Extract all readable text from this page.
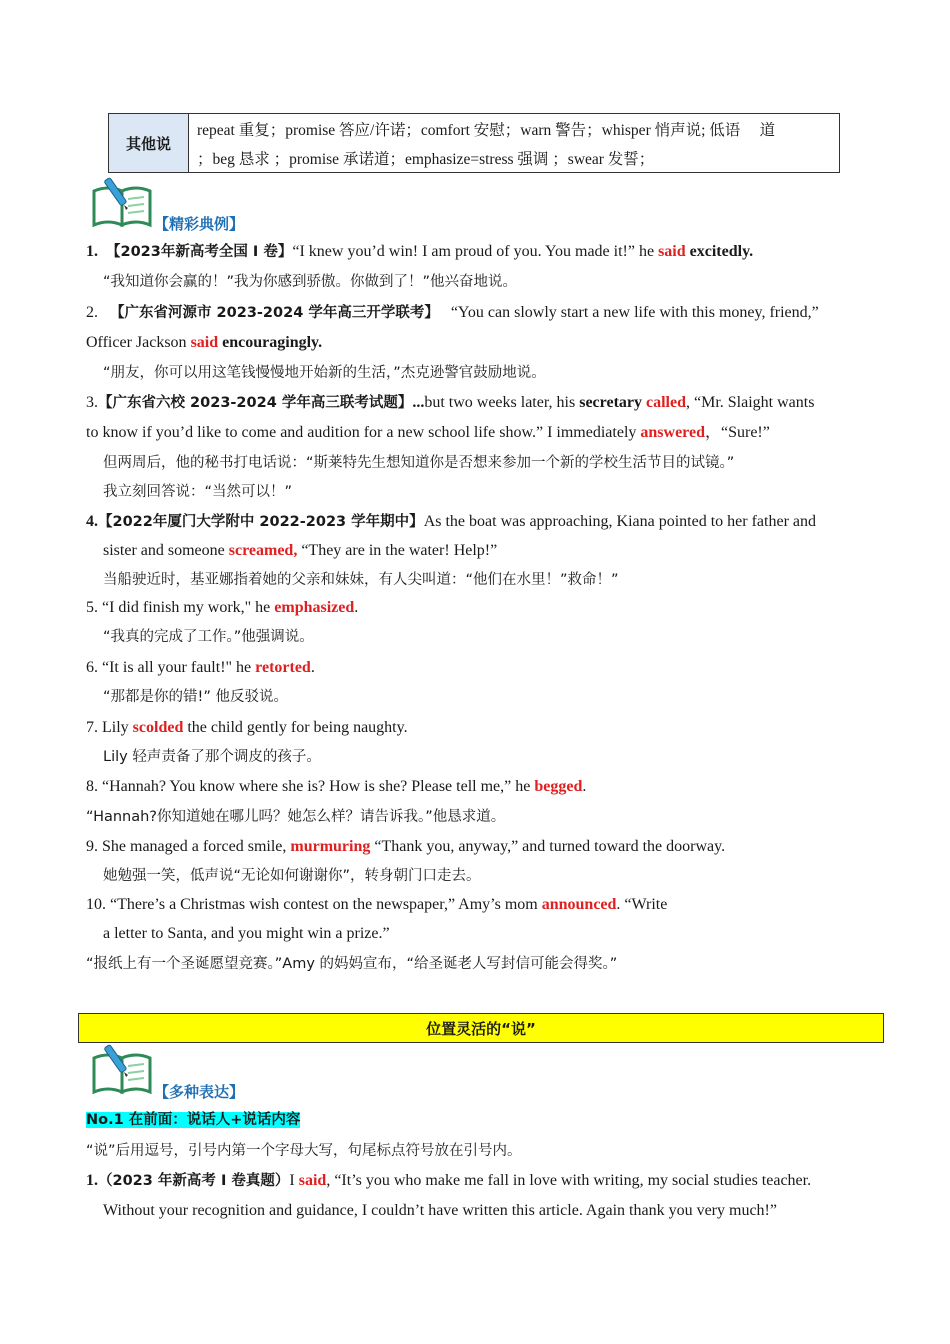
其他说
repeat 重复；promise 答应/许诺；comfort 安慰；warn 警告；whisper 悄声说; 低语　 道
；beg 恳求 ；promise 承诺道；emphasize=stress 强调 ；swear 发誓；
【精彩典例】
1. 【2023年新高考全国 I 卷】“I knew you’d win! I am proud of you. You made it!” he said excitedly.
“我知道你会赢的！”我为你感到骄傲。你做到了！”他兴奋地说。
2. 【广东省河源市 2023-2024 学年高三开学联考】 “You can slowly start a new life with this money, friend,”
Officer Jackson said encouragingly.
“朋友，你可以用这笔钱慢慢地开始新的生活，”杰克逊警官鼓励地说。
3.【广东省六校 2023-2024 学年高三联考试题】...but two weeks later, his secretary called, “Mr. Slaight wants
to know if you’d like to come and audition for a new school life show.” I immediately answered，“Sure!”
但两周后，他的秘书打电话说：“斯莱特先生想知道你是否想来参加一个新的学校生活节目的试镜。”
我立刻回答说：“当然可以！”
4.【2022年厦门大学附中 2022-2023 学年期中】As the boat was approaching, Kiana pointed to her father and
sister and someone screamed, “They are in the water! Help!”
当船驶近时，基亚娜指着她的父亲和妹妹，有人尖叫道：“他们在水里！”救命！”
5. “I did finish my work," he emphasized.
“我真的完成了工作。”他强调说。
6. “It is all your fault!" he retorted.
“那都是你的错!” 他反驳说。
7. Lily scolded the child gently for being naughty.
Lily 轻声责备了那个调皮的孩子。
8. “Hannah? You know where she is? How is she? Please tell me,” he begged.
“Hannah?你知道她在哪儿吗？她怎么样？请告诉我。”他恳求道。
9. She managed a forced smile, murmuring “Thank you, anyway,” and turned toward the doorway.
她勉强一笑，低声说“无论如何谢谢你”，转身朝门口走去。
10. “There’s a Christmas wish contest on the newspaper,” Amy’s mom announced. “Write
a letter to Santa, and you might win a prize.”
“报纸上有一个圣诞愿望竞赛。”Amy 的妈妈宣布，“给圣诞老人写封信可能会得奖。”
位置灵活的“说”
【多种表达】
No.1 在前面：说话人+说话内容
“说”后用逗号，引号内第一个字母大写，句尾标点符号放在引号内。
1.（2023 年新高考 I 卷真题）I said, “It’s you who make me fall in love with writing, my social studies teacher.
Without your recognition and guidance, I couldn’t have written this article. Again thank you very much!”
